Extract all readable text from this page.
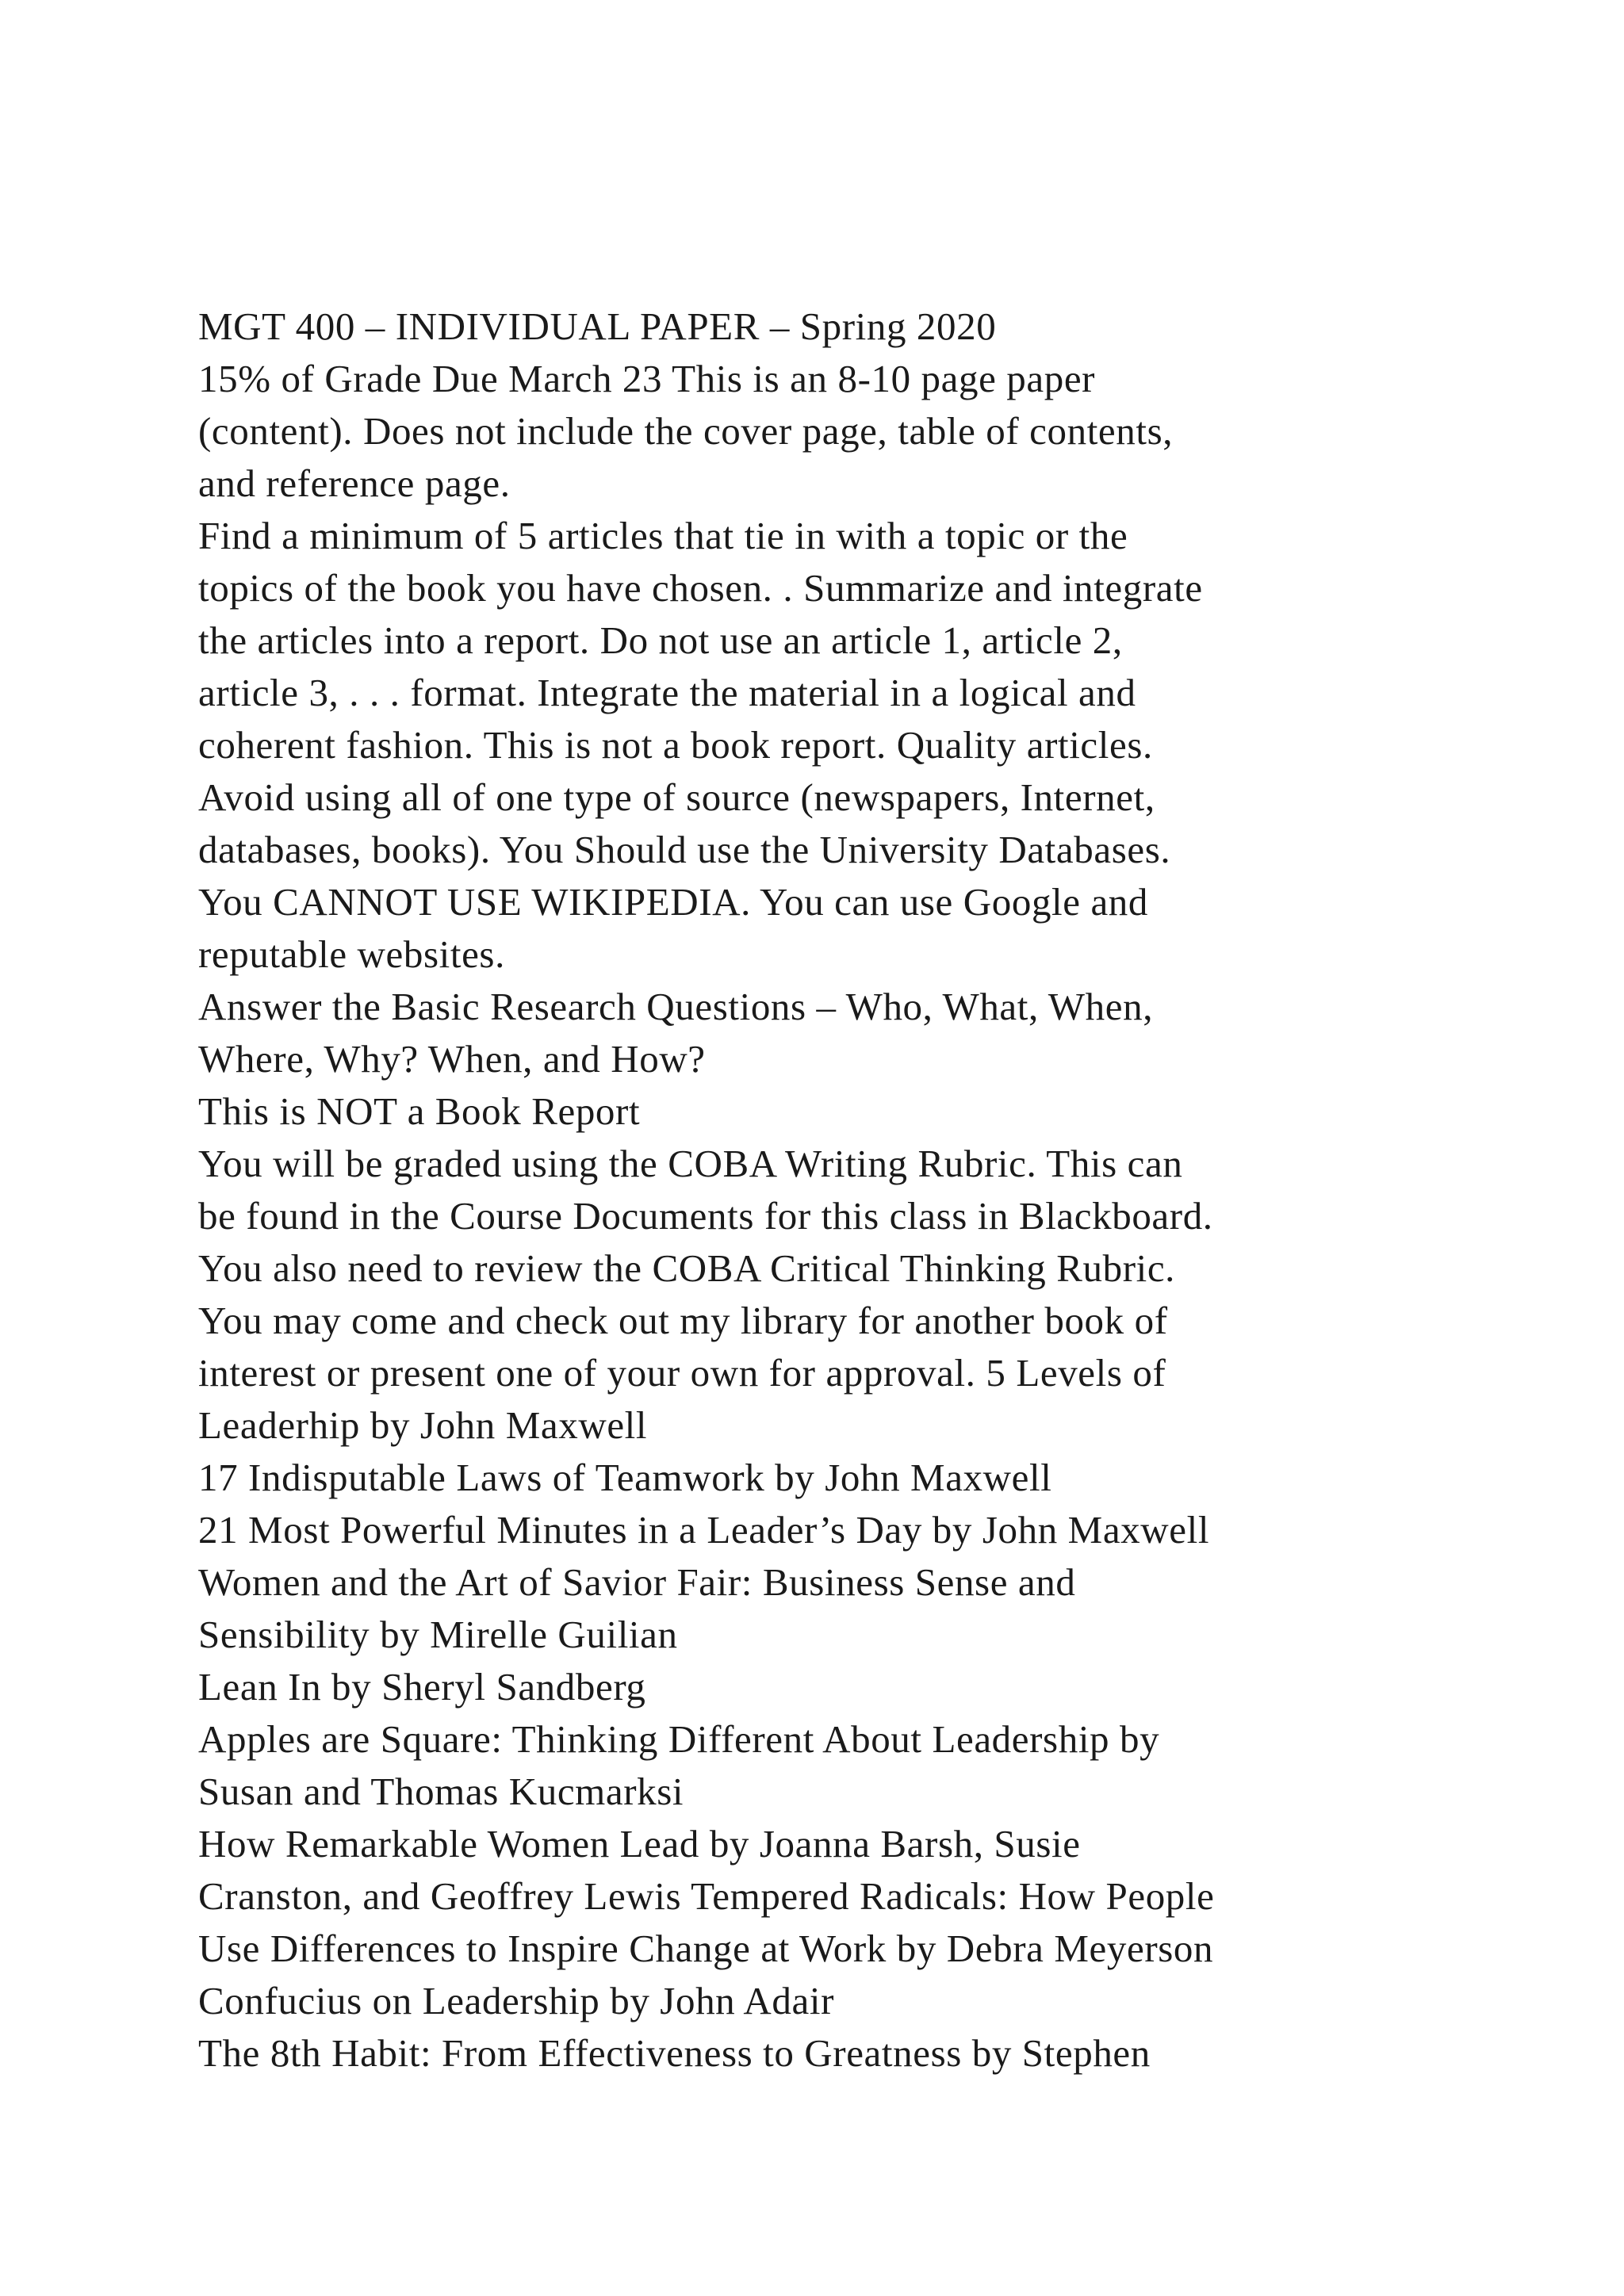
MGT 400 – INDIVIDUAL PAPER – Spring 2020
15% of Grade Due March 23 This is an 8-10 page paper
(content). Does not include the cover page, table of contents,
and reference page.
Find a minimum of 5 articles that tie in with a topic or the
topics of the book you have chosen. . Summarize and integrate
the articles into a report. Do not use an article 1, article 2,
article 3, . . . format. Integrate the material in a logical and
coherent fashion. This is not a book report. Quality articles.
Avoid using all of one type of source (newspapers, Internet,
databases, books). You Should use the University Databases.
You CANNOT USE WIKIPEDIA. You can use Google and
reputable websites.
Answer the Basic Research Questions – Who, What, When,
Where, Why? When, and How?
This is NOT a Book Report
You will be graded using the COBA Writing Rubric. This can
be found in the Course Documents for this class in Blackboard.
You also need to review the COBA Critical Thinking Rubric.
You may come and check out my library for another book of
interest or present one of your own for approval. 5 Levels of
Leaderhip by John Maxwell
17 Indisputable Laws of Teamwork by John Maxwell
21 Most Powerful Minutes in a Leader’s Day by John Maxwell
Women and the Art of Savior Fair: Business Sense and
Sensibility by Mirelle Guilian
Lean In by Sheryl Sandberg
Apples are Square: Thinking Different About Leadership by
Susan and Thomas Kucmarksi
How Remarkable Women Lead by Joanna Barsh, Susie
Cranston, and Geoffrey Lewis Tempered Radicals: How People
Use Differences to Inspire Change at Work by Debra Meyerson
Confucius on Leadership by John Adair
The 8th Habit: From Effectiveness to Greatness by Stephen
